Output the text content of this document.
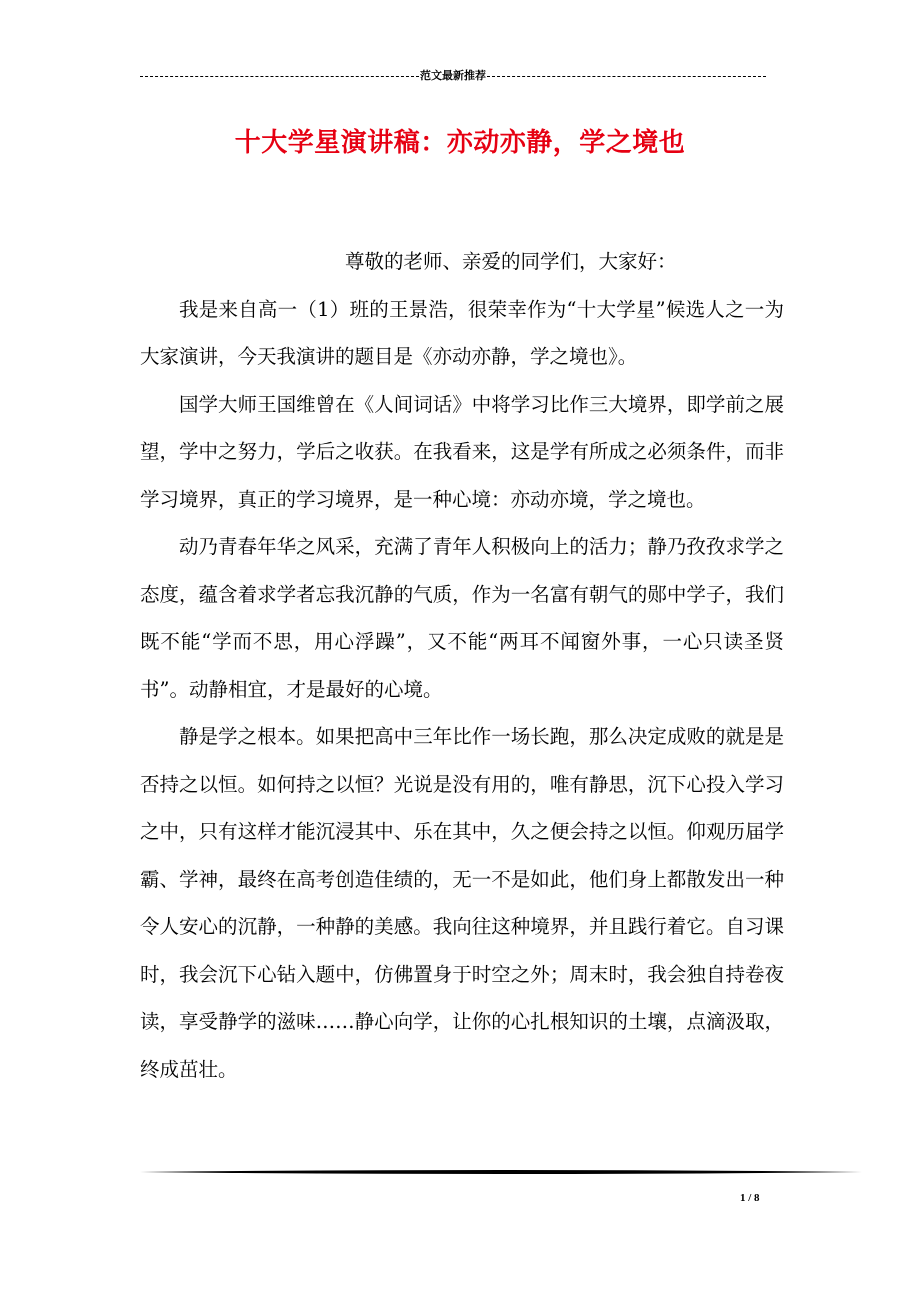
范文最新推荐
十大学星演讲稿：亦动亦静，学之境也

尊敬的老师、亲爱的同学们，大家好：

我是来自高一（1）班的王景浩，很荣幸作为“十大学星”候选人之一为大家演讲，今天我演讲的题目是《亦动亦静，学之境也》。

国学大师王国维曾在《人间词话》中将学习比作三大境界，即学前之展望，学中之努力，学后之收获。在我看来，这是学有所成之必须条件，而非学习境界，真正的学习境界，是一种心境：亦动亦境，学之境也。

动乃青春年华之风采，充满了青年人积极向上的活力；静乃孜孜求学之态度，蕴含着求学者忘我沉静的气质，作为一名富有朝气的郧中学子，我们既不能“学而不思，用心浮躁”，又不能“两耳不闻窗外事，一心只读圣贤书”。动静相宜，才是最好的心境。

静是学之根本。如果把高中三年比作一场长跑，那么决定成败的就是是否持之以恒。如何持之以恒？光说是没有用的，唯有静思，沉下心投入学习之中，只有这样才能沉浸其中、乐在其中，久之便会持之以恒。仰观历届学霸、学神，最终在高考创造佳绩的，无一不是如此，他们身上都散发出一种令人安心的沉静，一种静的美感。我向往这种境界，并且践行着它。自习课时，我会沉下心钻入题中，仿佛置身于时空之外；周末时，我会独自持卷夜读，享受静学的滋味……静心向学，让你的心扎根知识的土壤，点滴汲取，终成茁壮。

1 / 8
